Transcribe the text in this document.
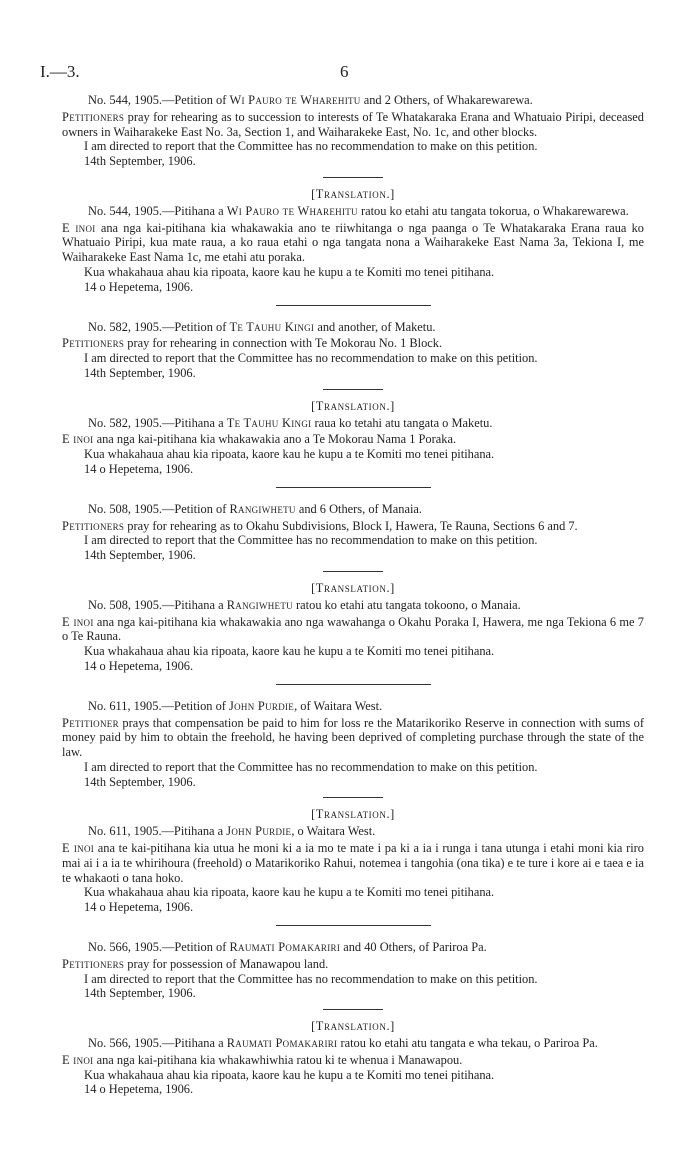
I.—3.	6

No. 544, 1905.—Petition of Wi Pauro te Wharehitu and 2 Others, of Whakarewarewa.

Petitioners pray for rehearing as to succession to interests of Te Whatakaraka Erana and Whatuaio Piripi, deceased owners in Waiharakeke East No. 3a, Section 1, and Waiharakeke East, No. 1c, and other blocks.

I am directed to report that the Committee has no recommendation to make on this petition.

14th September, 1906.

[Translation.]

No. 544, 1905.—Pitihana a Wi Pauro te Wharehitu ratou ko etahi atu tangata tokorua, o Whakarewarewa.

E inoi ana nga kai-pitihana kia whakawakia ano te riiwhitanga o nga paanga o Te Whatakaraka Erana raua ko Whatuaio Piripi, kua mate raua, a ko raua etahi o nga tangata nona a Waiharakeke East Nama 3a, Tekiona I, me Waiharakeke East Nama 1c, me etahi atu poraka.

Kua whakahaua ahau kia ripoata, kaore kau he kupu a te Komiti mo tenei pitihana.

14 o Hepetema, 1906.

No. 582, 1905.—Petition of Te Tauhu Kingi and another, of Maketu.

Petitioners pray for rehearing in connection with Te Mokorau No. 1 Block.

I am directed to report that the Committee has no recommendation to make on this petition.

14th September, 1906.

[Translation.]

No. 582, 1905.—Pitihana a Te Tauhu Kingi raua ko tetahi atu tangata o Maketu.

E inoi ana nga kai-pitihana kia whakawakia ano a Te Mokorau Nama 1 Poraka.

Kua whakahaua ahau kia ripoata, kaore kau he kupu a te Komiti mo tenei pitihana.

14 o Hepetema, 1906.

No. 508, 1905.—Petition of Rangiwhetu and 6 Others, of Manaia.

Petitioners pray for rehearing as to Okahu Subdivisions, Block I, Hawera, Te Rauna, Sections 6 and 7.

I am directed to report that the Committee has no recommendation to make on this petition.

14th September, 1906.

[Translation.]

No. 508, 1905.—Pitihana a Rangiwhetu ratou ko etahi atu tangata tokoono, o Manaia.

E inoi ana nga kai-pitihana kia whakawakia ano nga wawahanga o Okahu Poraka I, Hawera, me nga Tekiona 6 me 7 o Te Rauna.

Kua whakahaua ahau kia ripoata, kaore kau he kupu a te Komiti mo tenei pitihana.

14 o Hepetema, 1906.

No. 611, 1905.—Petition of John Purdie, of Waitara West.

Petitioner prays that compensation be paid to him for loss re the Matarikoriko Reserve in connection with sums of money paid by him to obtain the freehold, he having been deprived of completing purchase through the state of the law.

I am directed to report that the Committee has no recommendation to make on this petition.

14th September, 1906.

[Translation.]

No. 611, 1905.—Pitihana a John Purdie, o Waitara West.

E inoi ana te kai-pitihana kia utua he moni ki a ia mo te mate i pa ki a ia i runga i tana utunga i etahi moni kia riro mai ai i a ia te whirihoura (freehold) o Matarikoriko Rahui, notemea i tangohia (ona tika) e te ture i kore ai e taea e ia te whakaoti o tana hoko.

Kua whakahaua ahau kia ripoata, kaore kau he kupu a te Komiti mo tenei pitihana.

14 o Hepetema, 1906.

No. 566, 1905.—Petition of Raumati Pomakariri and 40 Others, of Pariroa Pa.

Petitioners pray for possession of Manawapou land.

I am directed to report that the Committee has no recommendation to make on this petition.

14th September, 1906.

[Translation.]

No. 566, 1905.—Pitihana a Raumati Pomakariri ratou ko etahi atu tangata e wha tekau, o Pariroa Pa.

E inoi ana nga kai-pitihana kia whakawhiwhia ratou ki te whenua i Manawapou.

Kua whakahaua ahau kia ripoata, kaore kau he kupu a te Komiti mo tenei pitihana.

14 o Hepetema, 1906.
